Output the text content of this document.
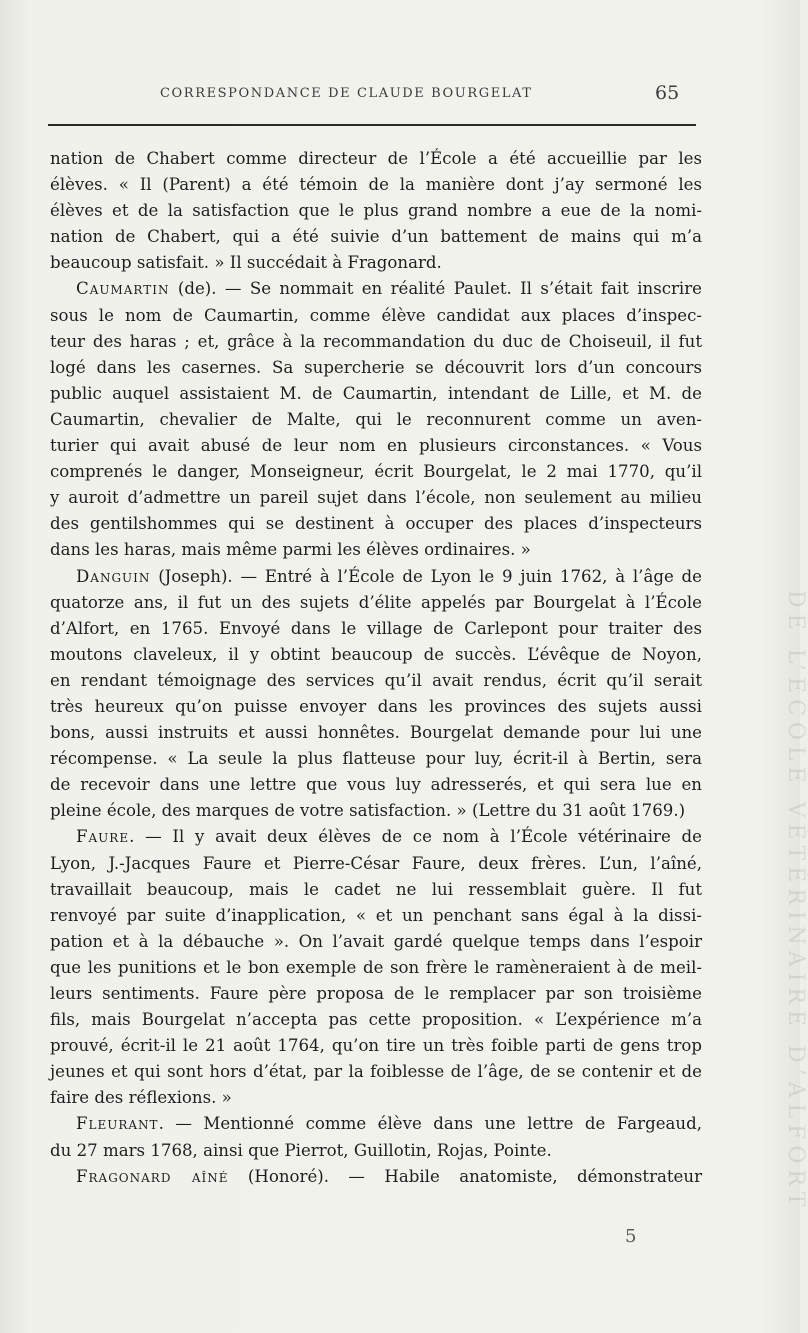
CORRESPONDANCE DE CLAUDE BOURGELAT	65
DE L’ÉCOLE VÉTÉRINAIRE D’ALFORT

nation de Chabert comme directeur de l’École a été accueillie par les

élèves. « Il (Parent) a été témoin de la manière dont j’ay sermoné les

élèves et de la satisfaction que le plus grand nombre a eue de la nomi-

nation de Chabert, qui a été suivie d’un battement de mains qui m’a

beaucoup satisfait. » Il succédait à Fragonard.

Caumartin (de). — Se nommait en réalité Paulet. Il s’était fait inscrire

sous le nom de Caumartin, comme élève candidat aux places d’inspec-

teur des haras ; et, grâce à la recommandation du duc de Choiseuil, il fut

logé dans les casernes. Sa supercherie se découvrit lors d’un concours

public auquel assistaient M. de Caumartin, intendant de Lille, et M. de

Caumartin, chevalier de Malte, qui le reconnurent comme un aven-

turier qui avait abusé de leur nom en plusieurs circonstances. « Vous

comprenés le danger, Monseigneur, écrit Bourgelat, le 2 mai 1770, qu’il

y auroit d’admettre un pareil sujet dans l’école, non seulement au milieu

des gentilshommes qui se destinent à occuper des places d’inspecteurs

dans les haras, mais même parmi les élèves ordinaires. »

Danguin (Joseph). — Entré à l’École de Lyon le 9 juin 1762, à l’âge de

quatorze ans, il fut un des sujets d’élite appelés par Bourgelat à l’École

d’Alfort, en 1765. Envoyé dans le village de Carlepont pour traiter des

moutons claveleux, il y obtint beaucoup de succès. L’évêque de Noyon,

en rendant témoignage des services qu’il avait rendus, écrit qu’il serait

très heureux qu’on puisse envoyer dans les provinces des sujets aussi

bons, aussi instruits et aussi honnêtes. Bourgelat demande pour lui une

récompense. « La seule la plus flatteuse pour luy, écrit-il à Bertin, sera

de recevoir dans une lettre que vous luy adresserés, et qui sera lue en

pleine école, des marques de votre satisfaction. » (Lettre du 31 août 1769.)

Faure. — Il y avait deux élèves de ce nom à l’École vétérinaire de

Lyon, J.-Jacques Faure et Pierre-César Faure, deux frères. L’un, l’aîné,

travaillait beaucoup, mais le cadet ne lui ressemblait guère. Il fut

renvoyé par suite d’inapplication, « et un penchant sans égal à la dissi-

pation et à la débauche ». On l’avait gardé quelque temps dans l’espoir

que les punitions et le bon exemple de son frère le ramèneraient à de meil-

leurs sentiments. Faure père proposa de le remplacer par son troisième

fils, mais Bourgelat n’accepta pas cette proposition. « L’expérience m’a

prouvé, écrit-il le 21 août 1764, qu’on tire un très foible parti de gens trop

jeunes et qui sont hors d’état, par la foiblesse de l’âge, de se contenir et de

faire des réflexions. »

Fleurant. — Mentionné comme élève dans une lettre de Fargeaud,

du 27 mars 1768, ainsi que Pierrot, Guillotin, Rojas, Pointe.

Fragonard aîné (Honoré). — Habile anatomiste, démonstrateur

5
